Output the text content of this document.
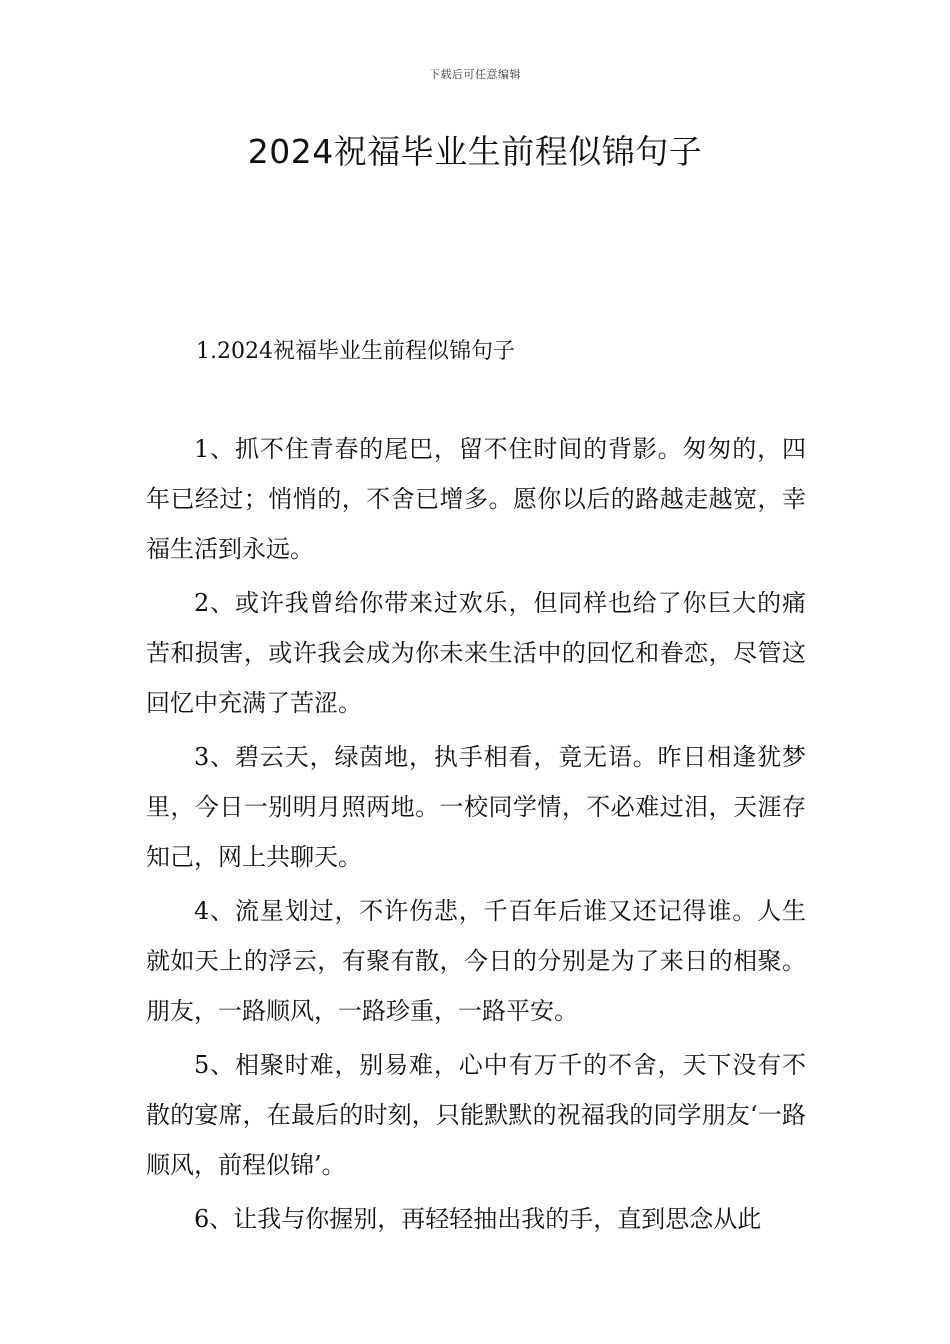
下载后可任意编辑
2024祝福毕业生前程似锦句子
1.2024祝福毕业生前程似锦句子

1、抓不住青春的尾巴，留不住时间的背影。匆匆的，四年已经过；悄悄的，不舍已增多。愿你以后的路越走越宽，幸福生活到永远。

2、或许我曾给你带来过欢乐，但同样也给了你巨大的痛苦和损害，或许我会成为你未来生活中的回忆和眷恋，尽管这回忆中充满了苦涩。

3、碧云天，绿茵地，执手相看，竟无语。昨日相逢犹梦里，今日一别明月照两地。一校同学情，不必难过泪，天涯存知己，网上共聊天。

4、流星划过，不许伤悲，千百年后谁又还记得谁。人生就如天上的浮云，有聚有散，今日的分别是为了来日的相聚。朋友，一路顺风，一路珍重，一路平安。

5、相聚时难，别易难，心中有万千的不舍，天下没有不散的宴席，在最后的时刻，只能默默的祝福我的同学朋友‘一路顺风，前程似锦’。

6、让我与你握别，再轻轻抽出我的手，直到思念从此
